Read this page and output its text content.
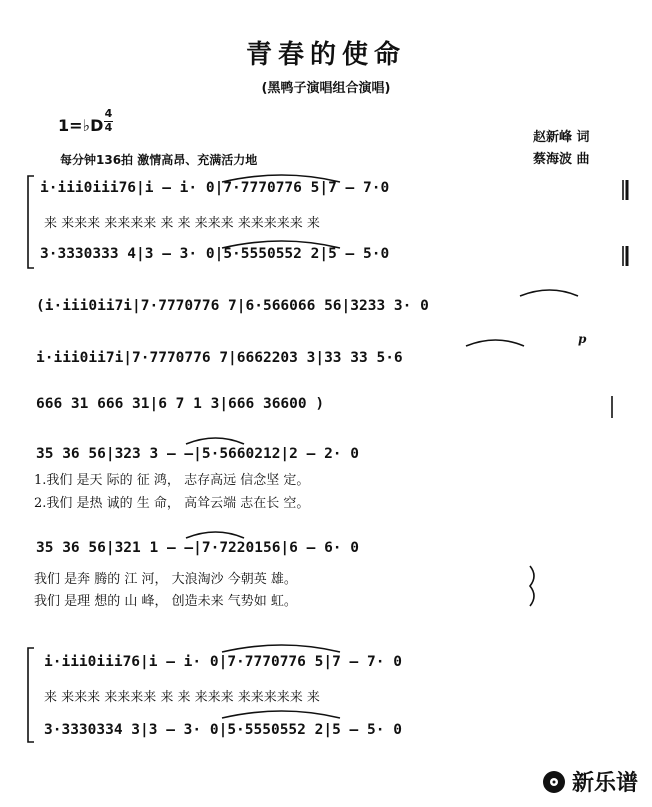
青春的使命
(黑鸭子演唱组合演唱)
1=♭D
4
4
每分钟136拍 激情高昂、充满活力地
赵新峰 词
蔡海波 曲
p
i·iii0iii76|i – i· 0|7·7770776 5|7 – 7·0
来 来来来 来来来来 来 来 来来来 来来来来来 来
3·3330333 4|3 – 3· 0|5·5550552 2|5 – 5·0
(i·iii0ii7i|7·7770776 7|6·566066 56|3233 3· 0
i·iii0ii7i|7·7770776 7|6662203 3|33 33 5·6
666 31 666 31|6 7 1 3|666 36600 )
35 36 56|323 3 – –|5·5660212|2 – 2· 0
1.我们 是天 际的 征 鸿， 志存高远 信念坚 定。
2.我们 是热 诚的 生 命， 高耸云端 志在长 空。
35 36 56|321 1 – –|7·7220156|6 – 6· 0
我们 是奔 腾的 江 河， 大浪淘沙 今朝英 雄。
我们 是理 想的 山 峰， 创造未来 气势如 虹。
i·iii0iii76|i – i· 0|7·7770776 5|7 – 7· 0
来 来来来 来来来来 来 来 来来来 来来来来来 来
3·3330334 3|3 – 3· 0|5·5550552 2|5 – 5· 0
新乐谱
